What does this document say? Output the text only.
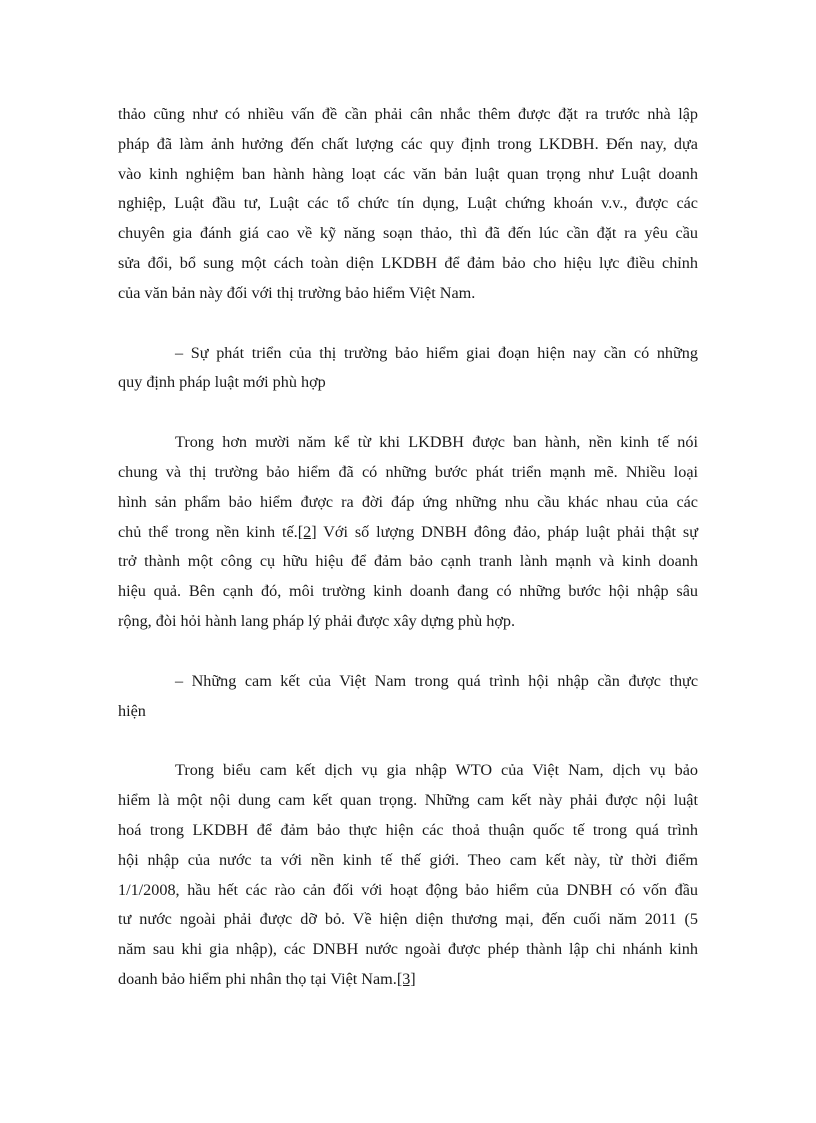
thảo cũng như có nhiều vấn đề cần phải cân nhắc thêm được đặt ra trước nhà lập
pháp đã làm ảnh hưởng đến chất lượng các quy định trong LKDBH. Đến nay, dựa
vào kinh nghiệm ban hành hàng loạt các văn bản luật quan trọng như Luật doanh
nghiệp, Luật đầu tư, Luật các tổ chức tín dụng, Luật chứng khoán v.v., được các
chuyên gia đánh giá cao về kỹ năng soạn thảo, thì đã đến lúc cần đặt ra yêu cầu
sửa đổi, bổ sung một cách toàn diện LKDBH để đảm bảo cho hiệu lực điều chỉnh
của văn bản này đối với thị trường bảo hiểm Việt Nam.

– Sự phát triển của thị trường bảo hiểm giai đoạn hiện nay cần có những
quy định pháp luật mới phù hợp

Trong hơn mười năm kể từ khi LKDBH được ban hành, nền kinh tế nói
chung và thị trường bảo hiểm đã có những bước phát triển mạnh mẽ. Nhiều loại
hình sản phẩm bảo hiểm được ra đời đáp ứng những nhu cầu khác nhau của các
chủ thể trong nền kinh tế.[2] Với số lượng DNBH đông đảo, pháp luật phải thật sự
trở thành một công cụ hữu hiệu để đảm bảo cạnh tranh lành mạnh và kinh doanh
hiệu quả. Bên cạnh đó, môi trường kinh doanh đang có những bước hội nhập sâu
rộng, đòi hỏi hành lang pháp lý phải được xây dựng phù hợp.

– Những cam kết của Việt Nam trong quá trình hội nhập cần được thực
hiện

Trong biểu cam kết dịch vụ gia nhập WTO của Việt Nam, dịch vụ bảo
hiểm là một nội dung cam kết quan trọng. Những cam kết này phải được nội luật
hoá trong LKDBH để đảm bảo thực hiện các thoả thuận quốc tế trong quá trình
hội nhập của nước ta với nền kinh tế thế giới. Theo cam kết này, từ thời điểm
1/1/2008, hầu hết các rào cản đối với hoạt động bảo hiểm của DNBH có vốn đầu
tư nước ngoài phải được dỡ bỏ. Về hiện diện thương mại, đến cuối năm 2011 (5
năm sau khi gia nhập), các DNBH nước ngoài được phép thành lập chi nhánh kinh
doanh bảo hiểm phi nhân thọ tại Việt Nam.[3]
